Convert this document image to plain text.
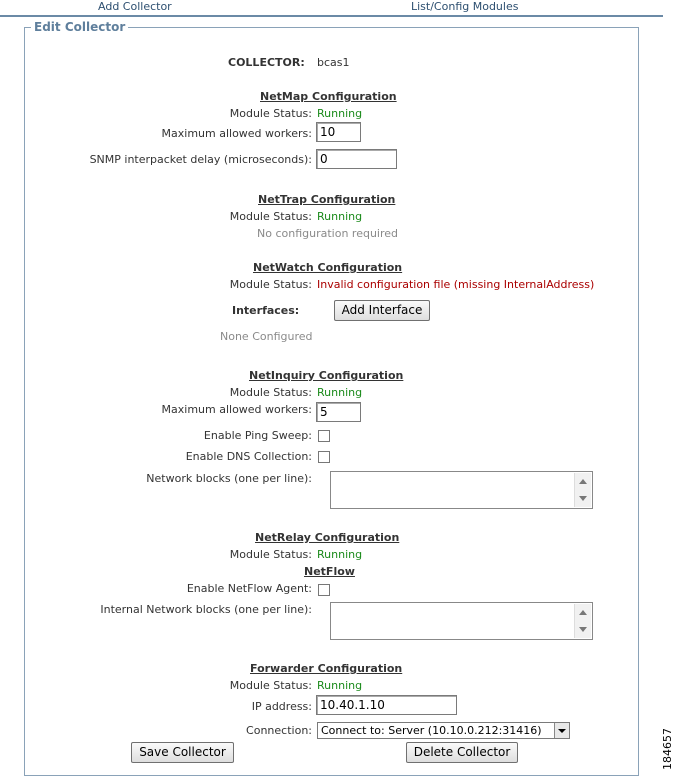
Add Collector	List/Config Modules
Edit Collector
COLLECTOR: bcas1
NetMap Configuration
Module Status: Running
Maximum allowed workers: 10
SNMP interpacket delay (microseconds): 0
NetTrap Configuration
Module Status: Running
No configuration required
NetWatch Configuration
Module Status: Invalid configuration file (missing InternalAddress)
Interfaces:	Add Interface
None Configured
NetInquiry Configuration
Module Status: Running
Maximum allowed workers: 5
Enable Ping Sweep:
Enable DNS Collection:
Network blocks (one per line):
NetRelay Configuration
Module Status: Running
NetFlow
Enable NetFlow Agent:
Internal Network blocks (one per line):
Forwarder Configuration
Module Status: Running
IP address: 10.40.1.10
Connection: Connect to: Server (10.10.0.212:31416)
Save Collector	Delete Collector	184657
